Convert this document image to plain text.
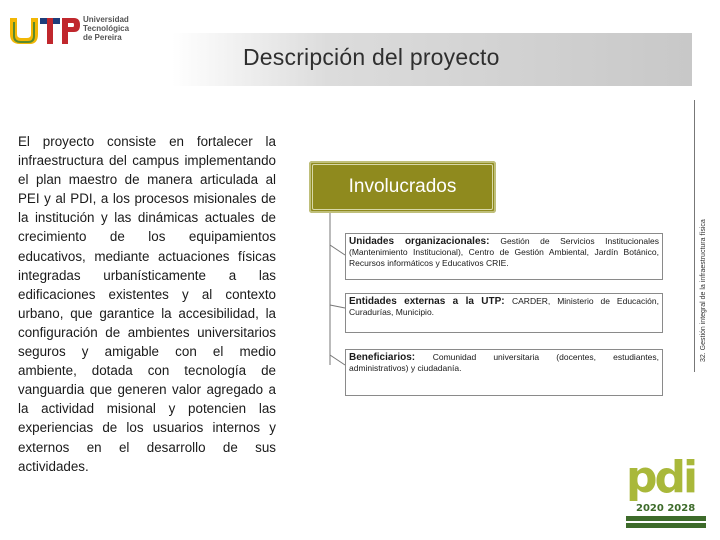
Universidad
Tecnológica
de Pereira
Descripción del proyecto
32. Gestión integral de la infraestructura física
El proyecto consiste en fortalecer la infraestructura del campus implementando el plan maestro de manera articulada al PEI y al PDI, a los procesos misionales de la institución y las dinámicas actuales de crecimiento de los equipamientos educativos, mediante actuaciones físicas integradas urbanísticamente a las edificaciones existentes y al contexto urbano, que garantice la accesibilidad, la configuración de ambientes universitarios seguros y amigable con el medio ambiente, dotada con tecnología de vanguardia que generen valor agregado a la actividad misional y potencien las experiencias de los usuarios internos y externos en el desarrollo de sus actividades.
Involucrados
Unidades organizacionales: Gestión de Servicios Institucionales (Mantenimiento Institucional), Centro de Gestión Ambiental, Jardín Botánico, Recursos informáticos y Educativos CRIE.
Entidades externas a la UTP: CARDER, Ministerio de Educación, Curadurías, Municipio.
Beneficiarios: Comunidad universitaria (docentes, estudiantes, administrativos) y ciudadanía.
pdi
2020 2028
